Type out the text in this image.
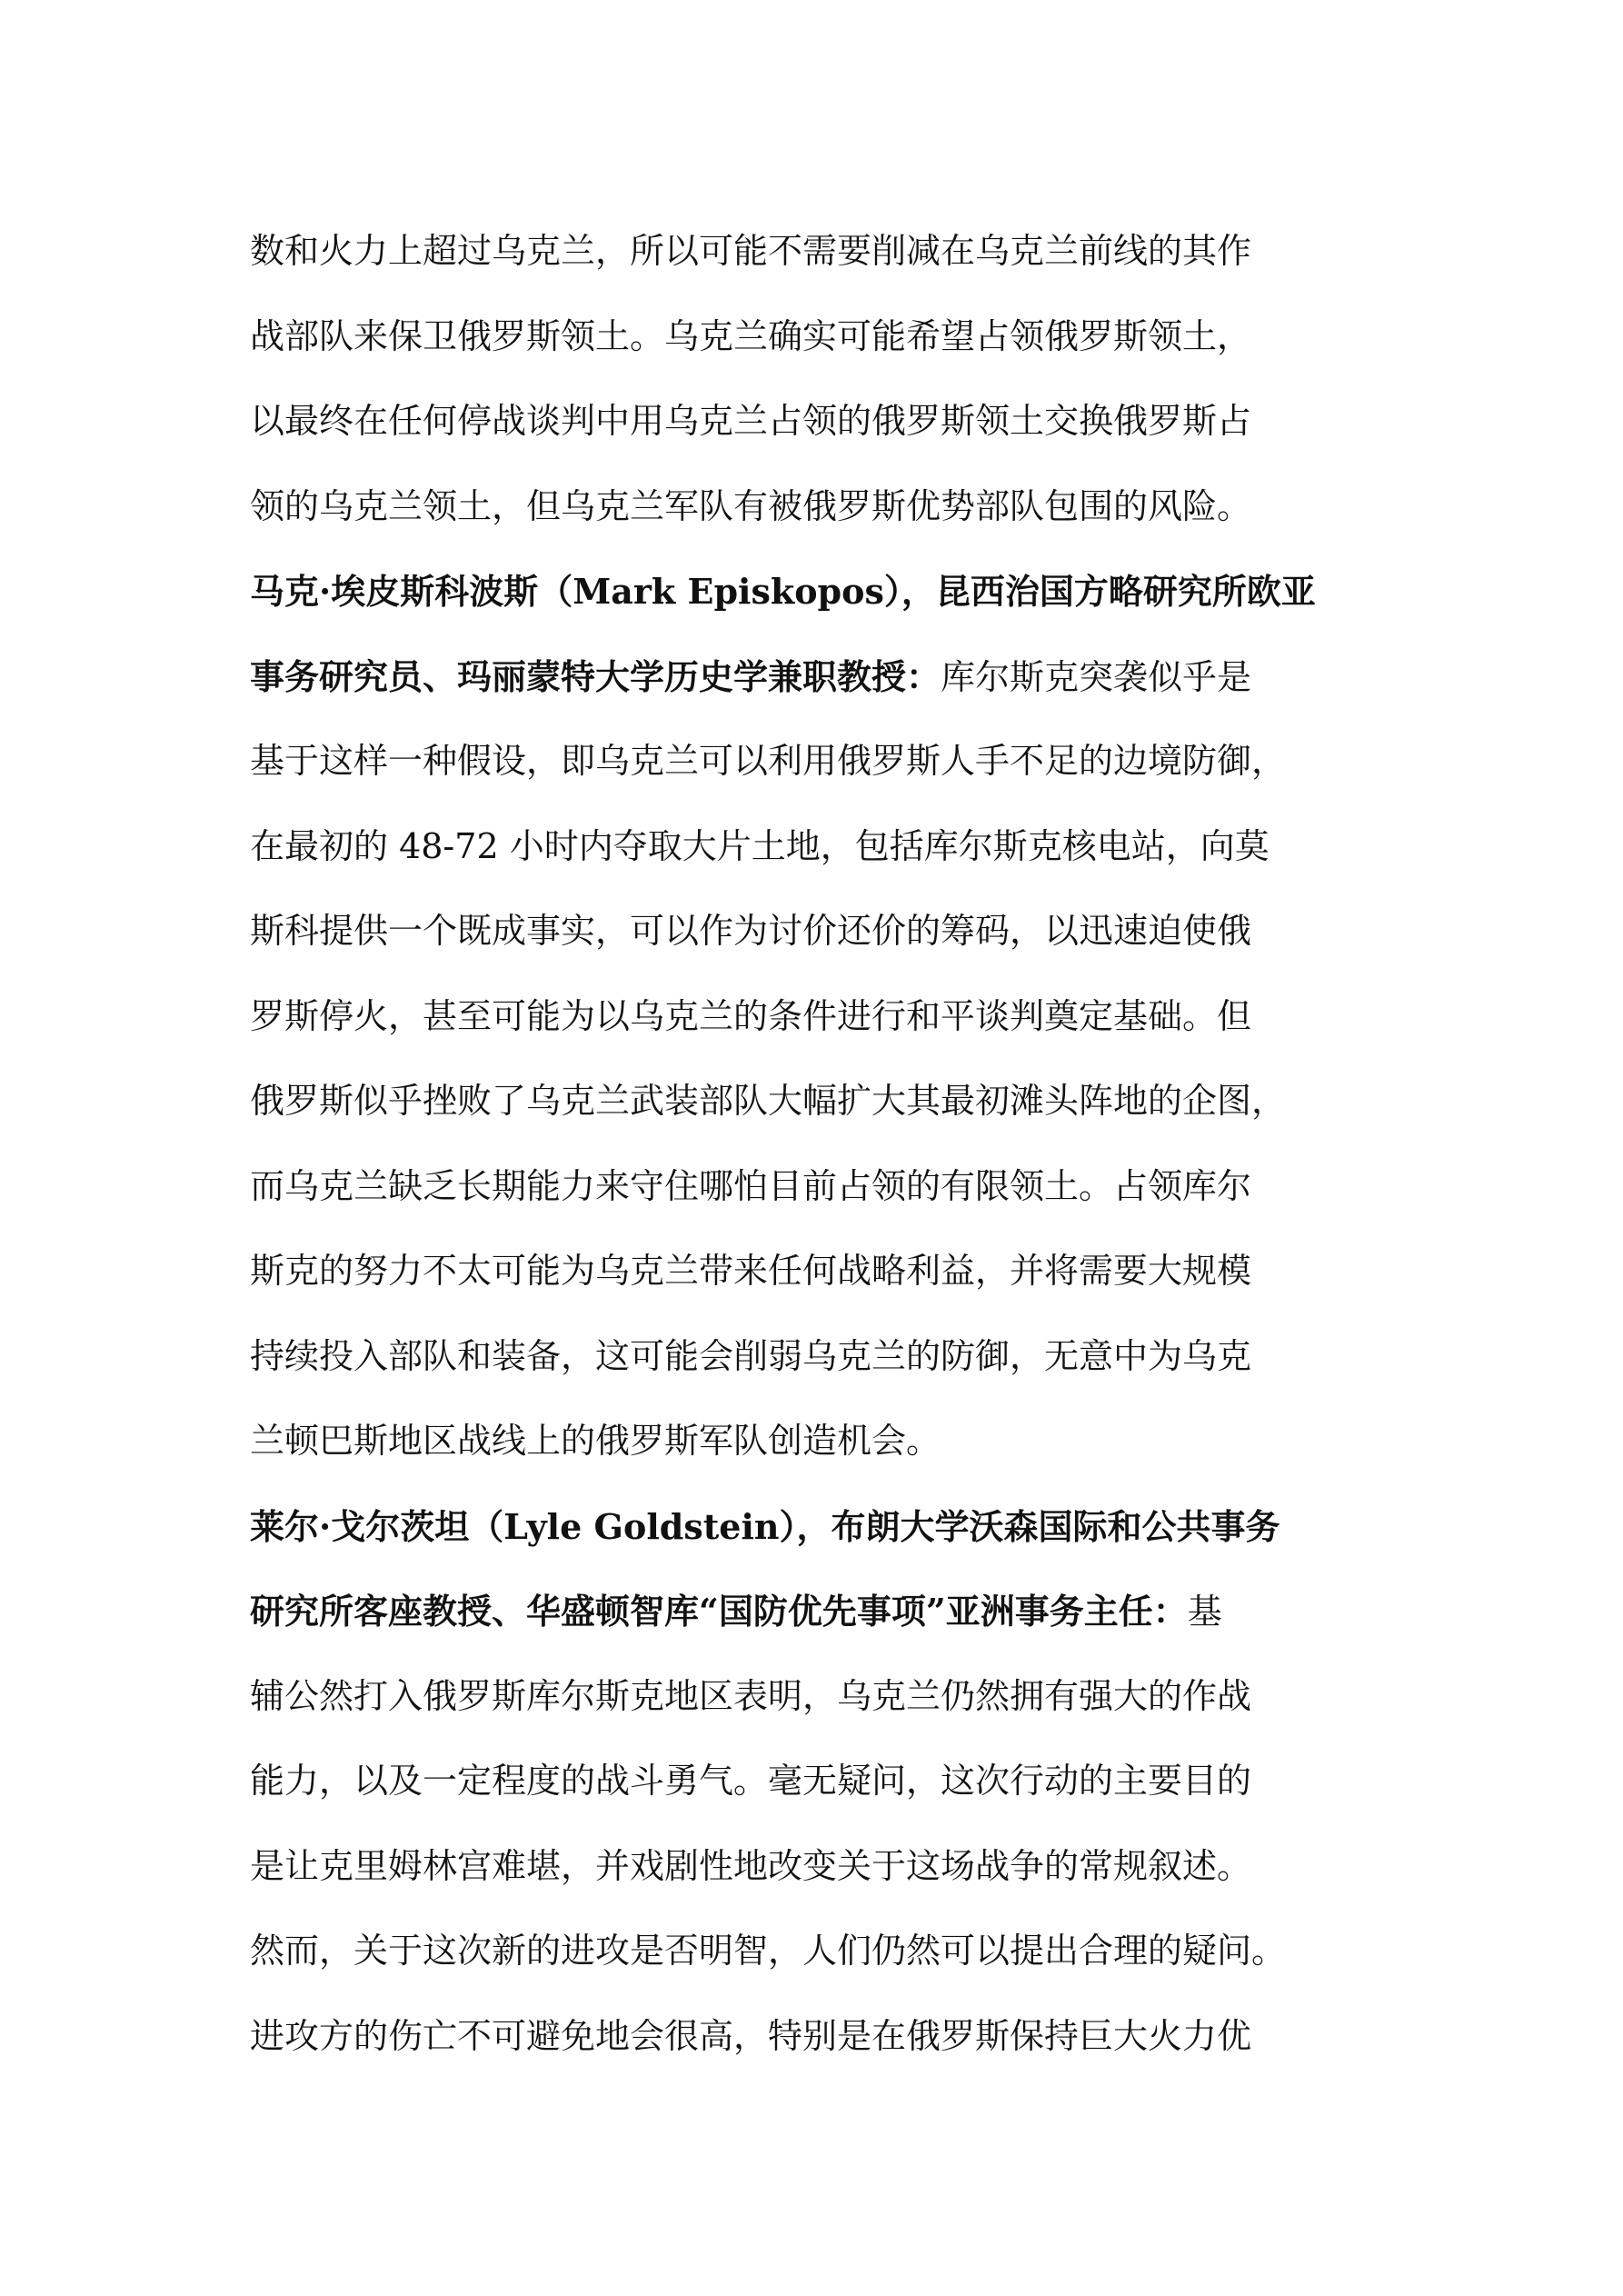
数和火力上超过乌克兰，所以可能不需要削减在乌克兰前线的其作
战部队来保卫俄罗斯领土。乌克兰确实可能希望占领俄罗斯领土，
以最终在任何停战谈判中用乌克兰占领的俄罗斯领土交换俄罗斯占
领的乌克兰领土，但乌克兰军队有被俄罗斯优势部队包围的风险。
马克·埃皮斯科波斯（Mark Episkopos），昆西治国方略研究所欧亚
事务研究员、玛丽蒙特大学历史学兼职教授：库尔斯克突袭似乎是
基于这样一种假设，即乌克兰可以利用俄罗斯人手不足的边境防御，
在最初的 48-72 小时内夺取大片土地，包括库尔斯克核电站，向莫
斯科提供一个既成事实，可以作为讨价还价的筹码，以迅速迫使俄
罗斯停火，甚至可能为以乌克兰的条件进行和平谈判奠定基础。但
俄罗斯似乎挫败了乌克兰武装部队大幅扩大其最初滩头阵地的企图，
而乌克兰缺乏长期能力来守住哪怕目前占领的有限领土。占领库尔
斯克的努力不太可能为乌克兰带来任何战略利益，并将需要大规模
持续投入部队和装备，这可能会削弱乌克兰的防御，无意中为乌克
兰顿巴斯地区战线上的俄罗斯军队创造机会。
莱尔·戈尔茨坦（Lyle Goldstein），布朗大学沃森国际和公共事务
研究所客座教授、华盛顿智库“国防优先事项”亚洲事务主任：基
辅公然打入俄罗斯库尔斯克地区表明，乌克兰仍然拥有强大的作战
能力，以及一定程度的战斗勇气。毫无疑问，这次行动的主要目的
是让克里姆林宫难堪，并戏剧性地改变关于这场战争的常规叙述。
然而，关于这次新的进攻是否明智，人们仍然可以提出合理的疑问。
进攻方的伤亡不可避免地会很高，特别是在俄罗斯保持巨大火力优
